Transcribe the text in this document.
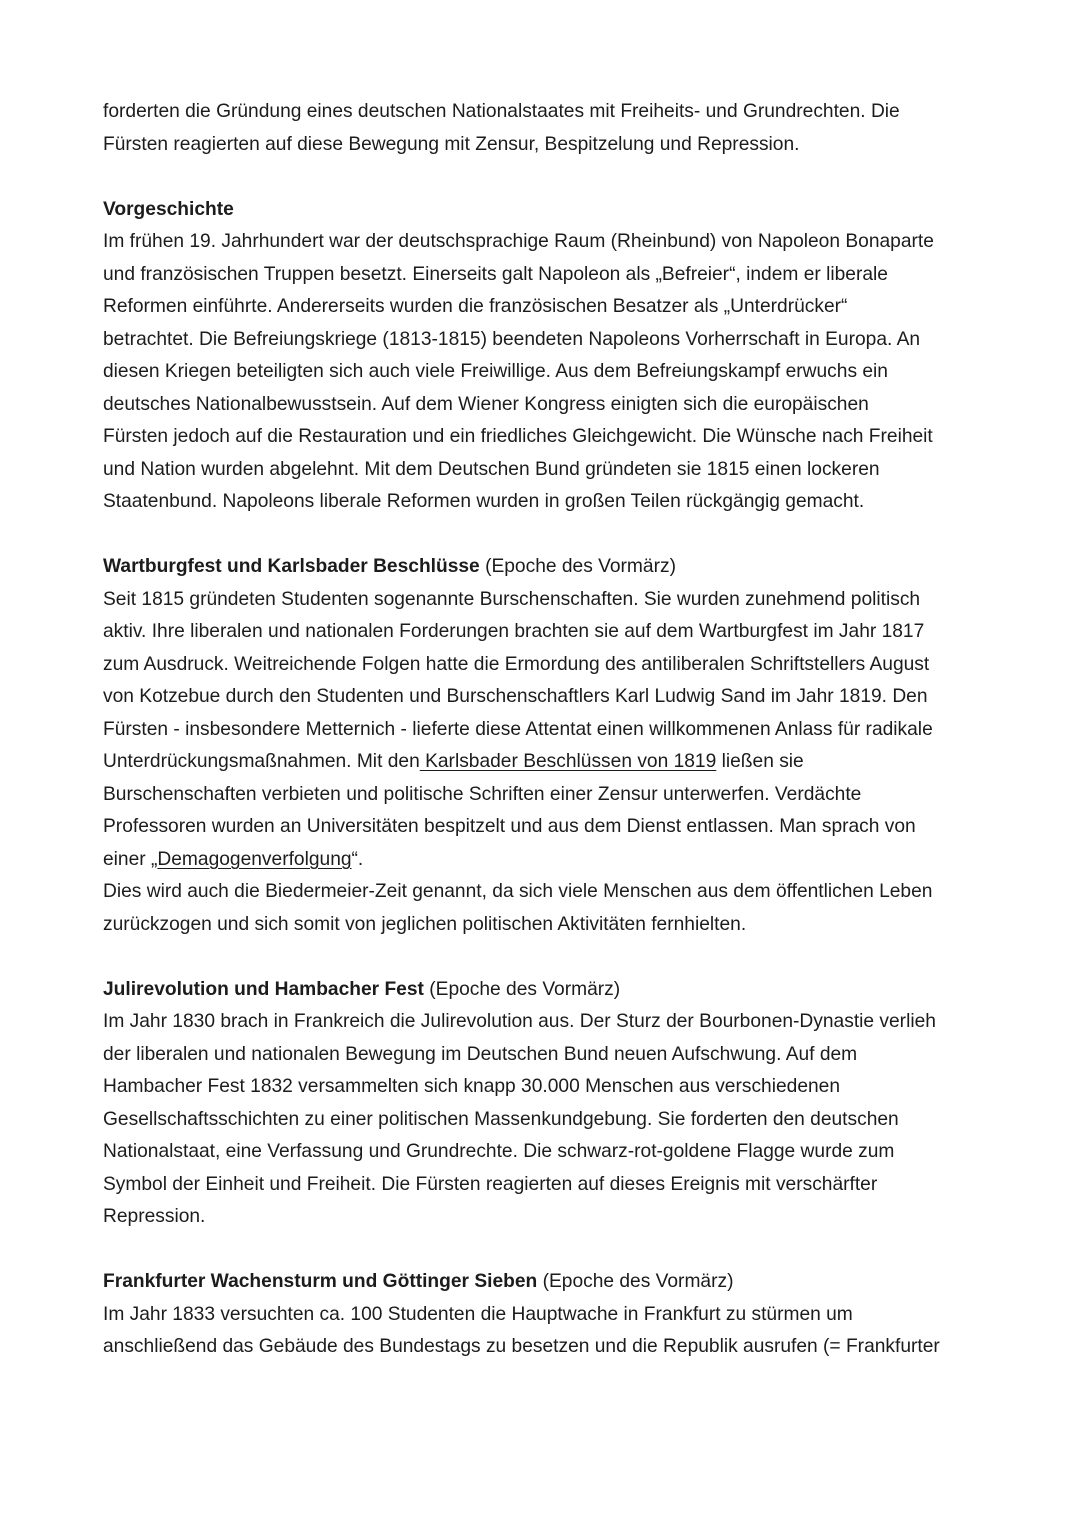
forderten die Gründung eines deutschen Nationalstaates mit Freiheits- und Grundrechten. Die
Fürsten reagierten auf diese Bewegung mit Zensur, Bespitzelung und Repression.

Vorgeschichte
Im frühen 19. Jahrhundert war der deutschsprachige Raum (Rheinbund) von Napoleon Bonaparte
und französischen Truppen besetzt. Einerseits galt Napoleon als „Befreier“, indem er liberale
Reformen einführte. Andererseits wurden die französischen Besatzer als „Unterdrücker“
betrachtet. Die Befreiungskriege (1813-1815) beendeten Napoleons Vorherrschaft in Europa. An
diesen Kriegen beteiligten sich auch viele Freiwillige. Aus dem Befreiungskampf erwuchs ein
deutsches Nationalbewusstsein. Auf dem Wiener Kongress einigten sich die europäischen
Fürsten jedoch auf die Restauration und ein friedliches Gleichgewicht. Die Wünsche nach Freiheit
und Nation wurden abgelehnt. Mit dem Deutschen Bund gründeten sie 1815 einen lockeren
Staatenbund. Napoleons liberale Reformen wurden in großen Teilen rückgängig gemacht.

Wartburgfest und Karlsbader Beschlüsse (Epoche des Vormärz)
Seit 1815 gründeten Studenten sogenannte Burschenschaften. Sie wurden zunehmend politisch
aktiv. Ihre liberalen und nationalen Forderungen brachten sie auf dem Wartburgfest im Jahr 1817
zum Ausdruck. Weitreichende Folgen hatte die Ermordung des antiliberalen Schriftstellers August
von Kotzebue durch den Studenten und Burschenschaftlers Karl Ludwig Sand im Jahr 1819. Den
Fürsten - insbesondere Metternich - lieferte diese Attentat einen willkommenen Anlass für radikale
Unterdrückungsmaßnahmen. Mit den Karlsbader Beschlüssen von 1819 ließen sie
Burschenschaften verbieten und politische Schriften einer Zensur unterwerfen. Verdächte
Professoren wurden an Universitäten bespitzelt und aus dem Dienst entlassen. Man sprach von
einer „Demagogenverfolgung“.
Dies wird auch die Biedermeier-Zeit genannt, da sich viele Menschen aus dem öffentlichen Leben
zurückzogen und sich somit von jeglichen politischen Aktivitäten fernhielten.

Julirevolution und Hambacher Fest (Epoche des Vormärz)
Im Jahr 1830 brach in Frankreich die Julirevolution aus. Der Sturz der Bourbonen-Dynastie verlieh
der liberalen und nationalen Bewegung im Deutschen Bund neuen Aufschwung. Auf dem
Hambacher Fest 1832 versammelten sich knapp 30.000 Menschen aus verschiedenen
Gesellschaftsschichten zu einer politischen Massenkundgebung. Sie forderten den deutschen
Nationalstaat, eine Verfassung und Grundrechte. Die schwarz-rot-goldene Flagge wurde zum
Symbol der Einheit und Freiheit. Die Fürsten reagierten auf dieses Ereignis mit verschärfter
Repression.

Frankfurter Wachensturm und Göttinger Sieben (Epoche des Vormärz)
Im Jahr 1833 versuchten ca. 100 Studenten die Hauptwache in Frankfurt zu stürmen um
anschließend das Gebäude des Bundestags zu besetzen und die Republik ausrufen (= Frankfurter
